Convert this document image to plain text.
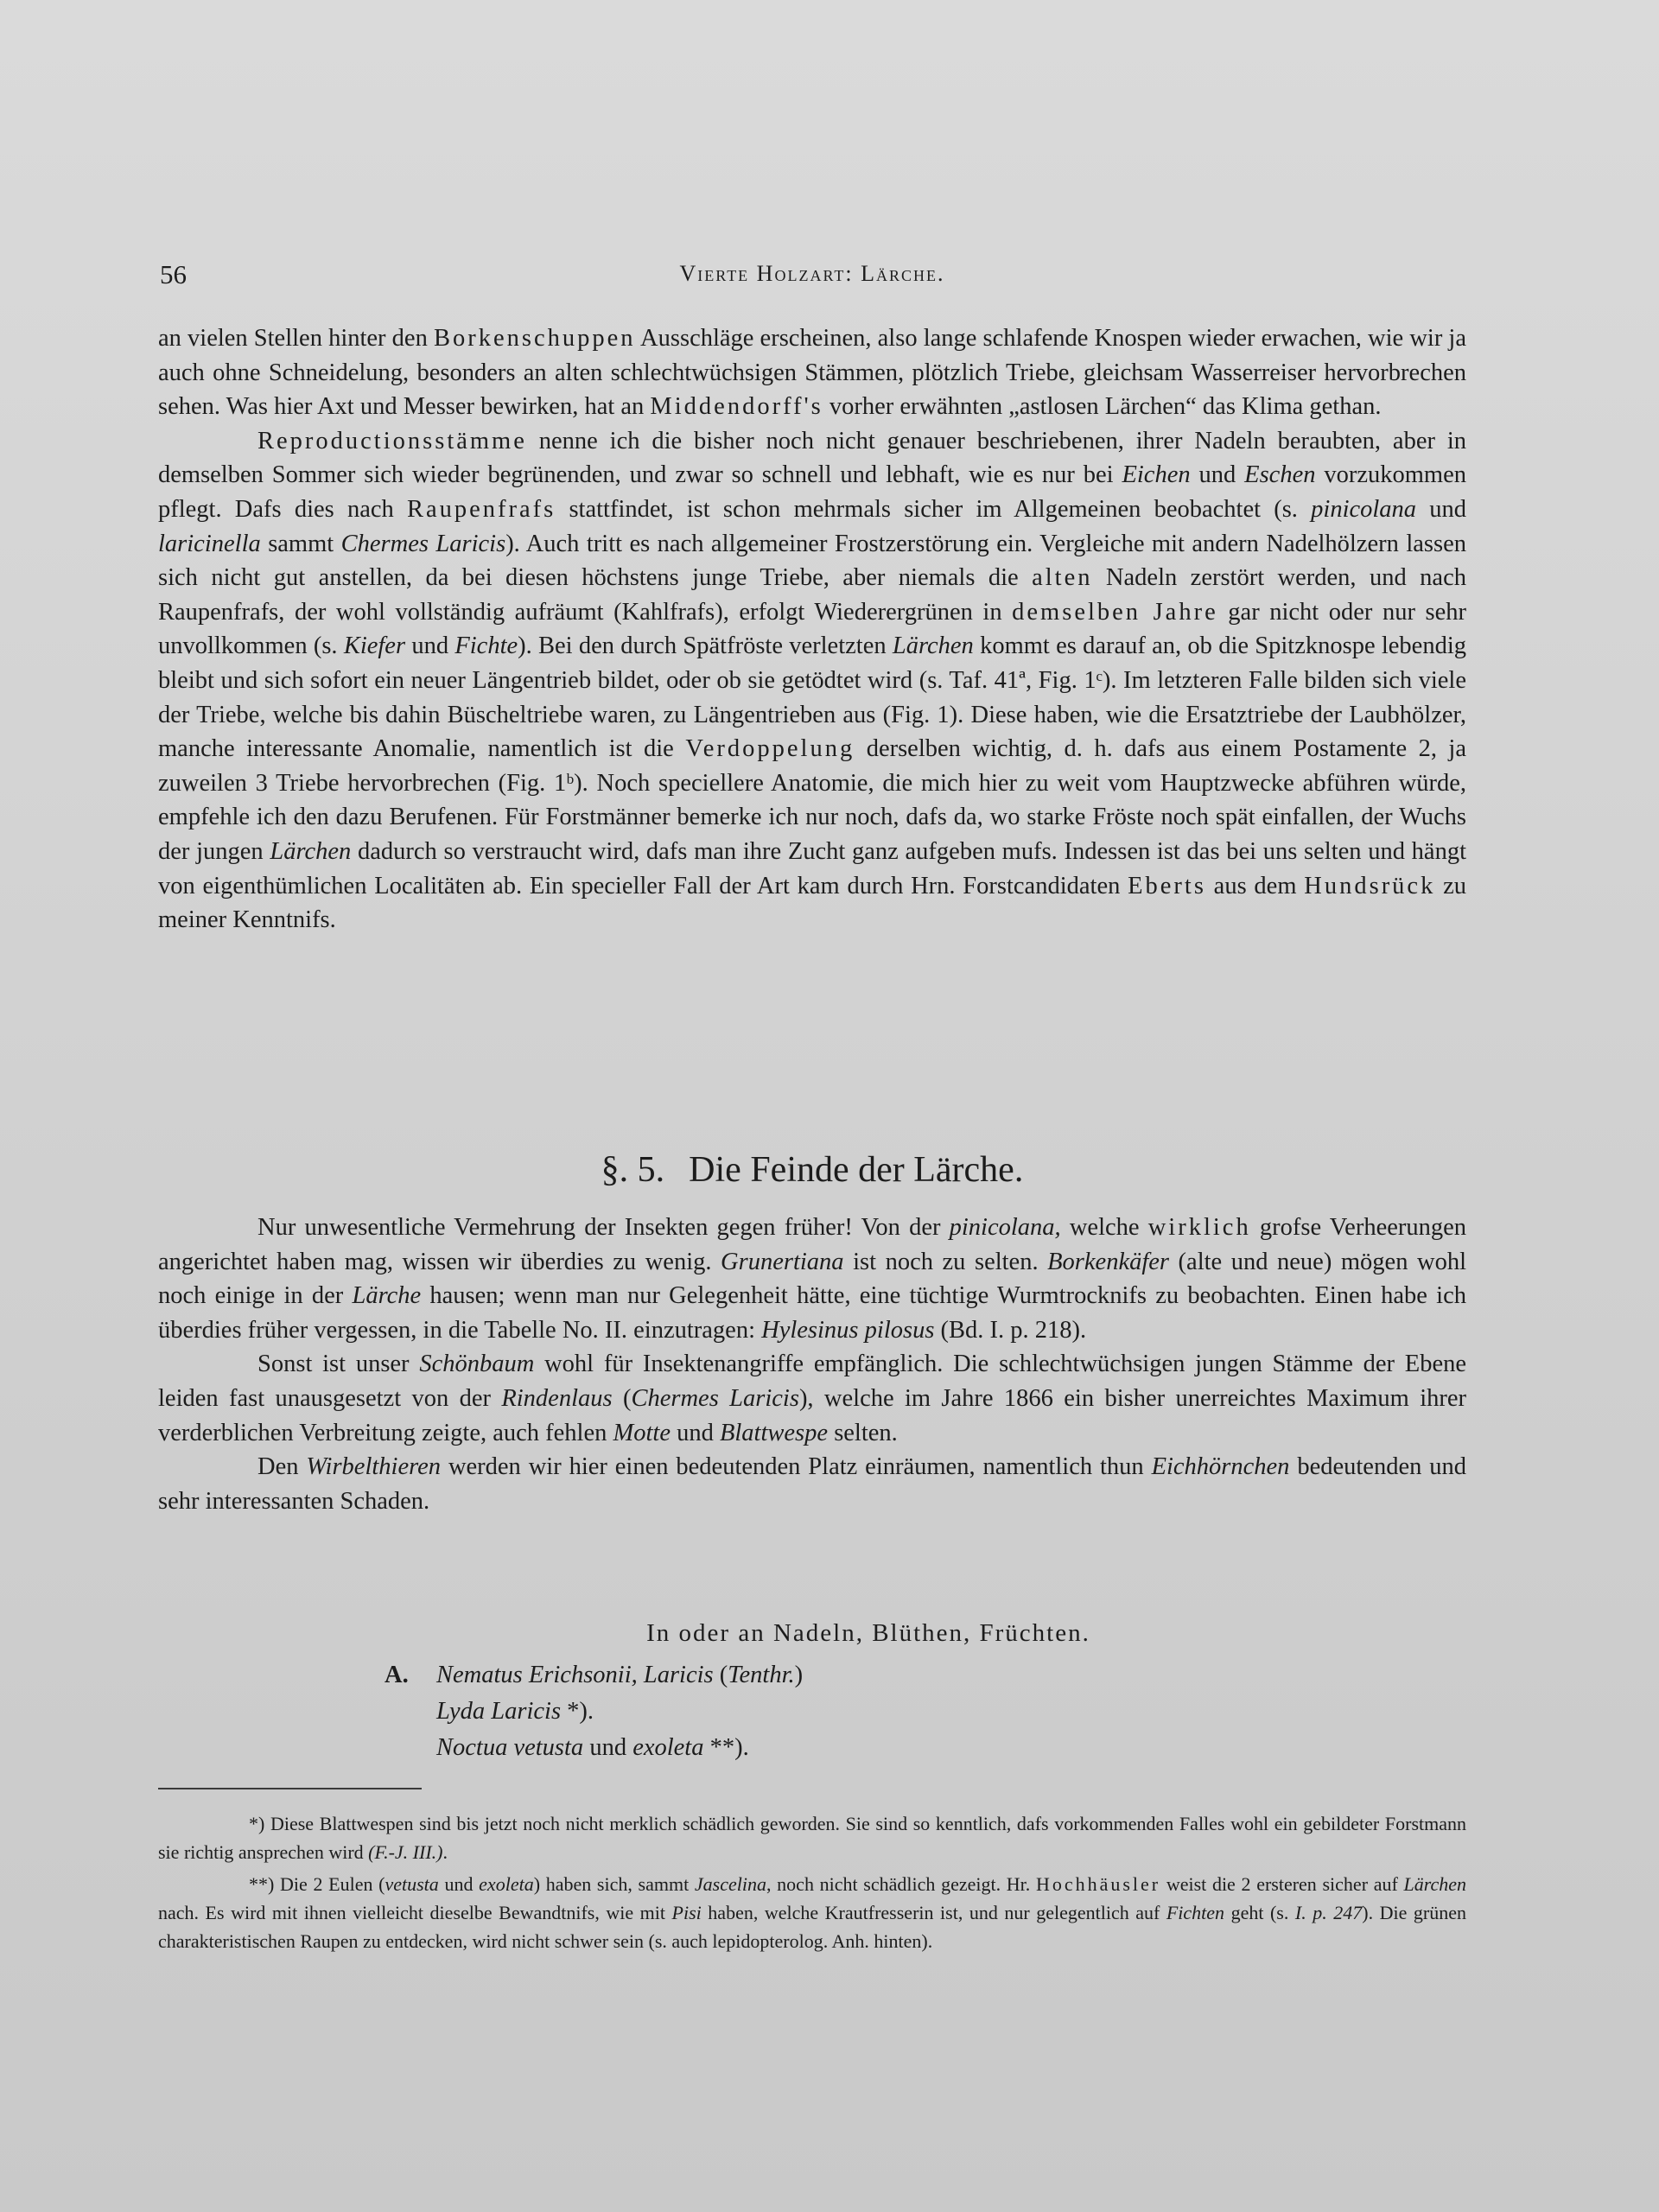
56	Vierte Holzart: Lärche.

an vielen Stellen hinter den Borkenschuppen Ausschläge erscheinen, also lange schlafende Knospen wieder erwachen, wie wir ja auch ohne Schneidelung, besonders an alten schlechtwüchsigen Stämmen, plötzlich Triebe, gleichsam Wasserreiser hervorbrechen sehen. Was hier Axt und Messer bewirken, hat an Middendorff's vorher erwähnten „astlosen Lärchen“ das Klima gethan.

Reproductionsstämme nenne ich die bisher noch nicht genauer beschriebenen, ihrer Nadeln beraubten, aber in demselben Sommer sich wieder begrünenden, und zwar so schnell und lebhaft, wie es nur bei Eichen und Eschen vorzukommen pflegt. Dafs dies nach Raupenfrafs stattfindet, ist schon mehrmals sicher im Allgemeinen beobachtet (s. pinicolana und laricinella sammt Chermes Laricis). Auch tritt es nach allgemeiner Frostzerstörung ein. Vergleiche mit andern Nadelhölzern lassen sich nicht gut anstellen, da bei diesen höchstens junge Triebe, aber niemals die alten Nadeln zerstört werden, und nach Raupenfrafs, der wohl vollständig aufräumt (Kahlfrafs), erfolgt Wiederergrünen in demselben Jahre gar nicht oder nur sehr unvollkommen (s. Kiefer und Fichte). Bei den durch Spätfröste verletzten Lärchen kommt es darauf an, ob die Spitzknospe lebendig bleibt und sich sofort ein neuer Längentrieb bildet, oder ob sie getödtet wird (s. Taf. 41ª, Fig. 1ᶜ). Im letzteren Falle bilden sich viele der Triebe, welche bis dahin Büscheltriebe waren, zu Längentrieben aus (Fig. 1). Diese haben, wie die Ersatztriebe der Laubhölzer, manche interessante Anomalie, namentlich ist die Verdoppelung derselben wichtig, d. h. dafs aus einem Postamente 2, ja zuweilen 3 Triebe hervorbrechen (Fig. 1ᵇ). Noch speciellere Anatomie, die mich hier zu weit vom Hauptzwecke abführen würde, empfehle ich den dazu Berufenen. Für Forstmänner bemerke ich nur noch, dafs da, wo starke Fröste noch spät einfallen, der Wuchs der jungen Lärchen dadurch so verstraucht wird, dafs man ihre Zucht ganz aufgeben mufs. Indessen ist das bei uns selten und hängt von eigenthümlichen Localitäten ab. Ein specieller Fall der Art kam durch Hrn. Forstcandidaten Eberts aus dem Hundsrück zu meiner Kenntnifs.

§. 5. Die Feinde der Lärche.

Nur unwesentliche Vermehrung der Insekten gegen früher! Von der pinicolana, welche wirklich grofse Verheerungen angerichtet haben mag, wissen wir überdies zu wenig. Grunertiana ist noch zu selten. Borkenkäfer (alte und neue) mögen wohl noch einige in der Lärche hausen; wenn man nur Gelegenheit hätte, eine tüchtige Wurmtrocknifs zu beobachten. Einen habe ich überdies früher vergessen, in die Tabelle No. II. einzutragen: Hylesinus pilosus (Bd. I. p. 218).

Sonst ist unser Schönbaum wohl für Insektenangriffe empfänglich. Die schlechtwüchsigen jungen Stämme der Ebene leiden fast unausgesetzt von der Rindenlaus (Chermes Laricis), welche im Jahre 1866 ein bisher unerreichtes Maximum ihrer verderblichen Verbreitung zeigte, auch fehlen Motte und Blattwespe selten.

Den Wirbelthieren werden wir hier einen bedeutenden Platz einräumen, namentlich thun Eichhörnchen bedeutenden und sehr interessanten Schaden.

In oder an Nadeln, Blüthen, Früchten.
A. Nematus Erichsonii, Laricis (Tenthr.)
Lyda Laricis *).
Noctua vetusta und exoleta **).

*) Diese Blattwespen sind bis jetzt noch nicht merklich schädlich geworden. Sie sind so kenntlich, dafs vorkommenden Falles wohl ein gebildeter Forstmann sie richtig ansprechen wird (F.-J. III.).

**) Die 2 Eulen (vetusta und exoleta) haben sich, sammt Jascelina, noch nicht schädlich gezeigt. Hr. Hochhäusler weist die 2 ersteren sicher auf Lärchen nach. Es wird mit ihnen vielleicht dieselbe Bewandtnifs, wie mit Pisi haben, welche Krautfresserin ist, und nur gelegentlich auf Fichten geht (s. I. p. 247). Die grünen charakteristischen Raupen zu entdecken, wird nicht schwer sein (s. auch lepidopterolog. Anh. hinten).
